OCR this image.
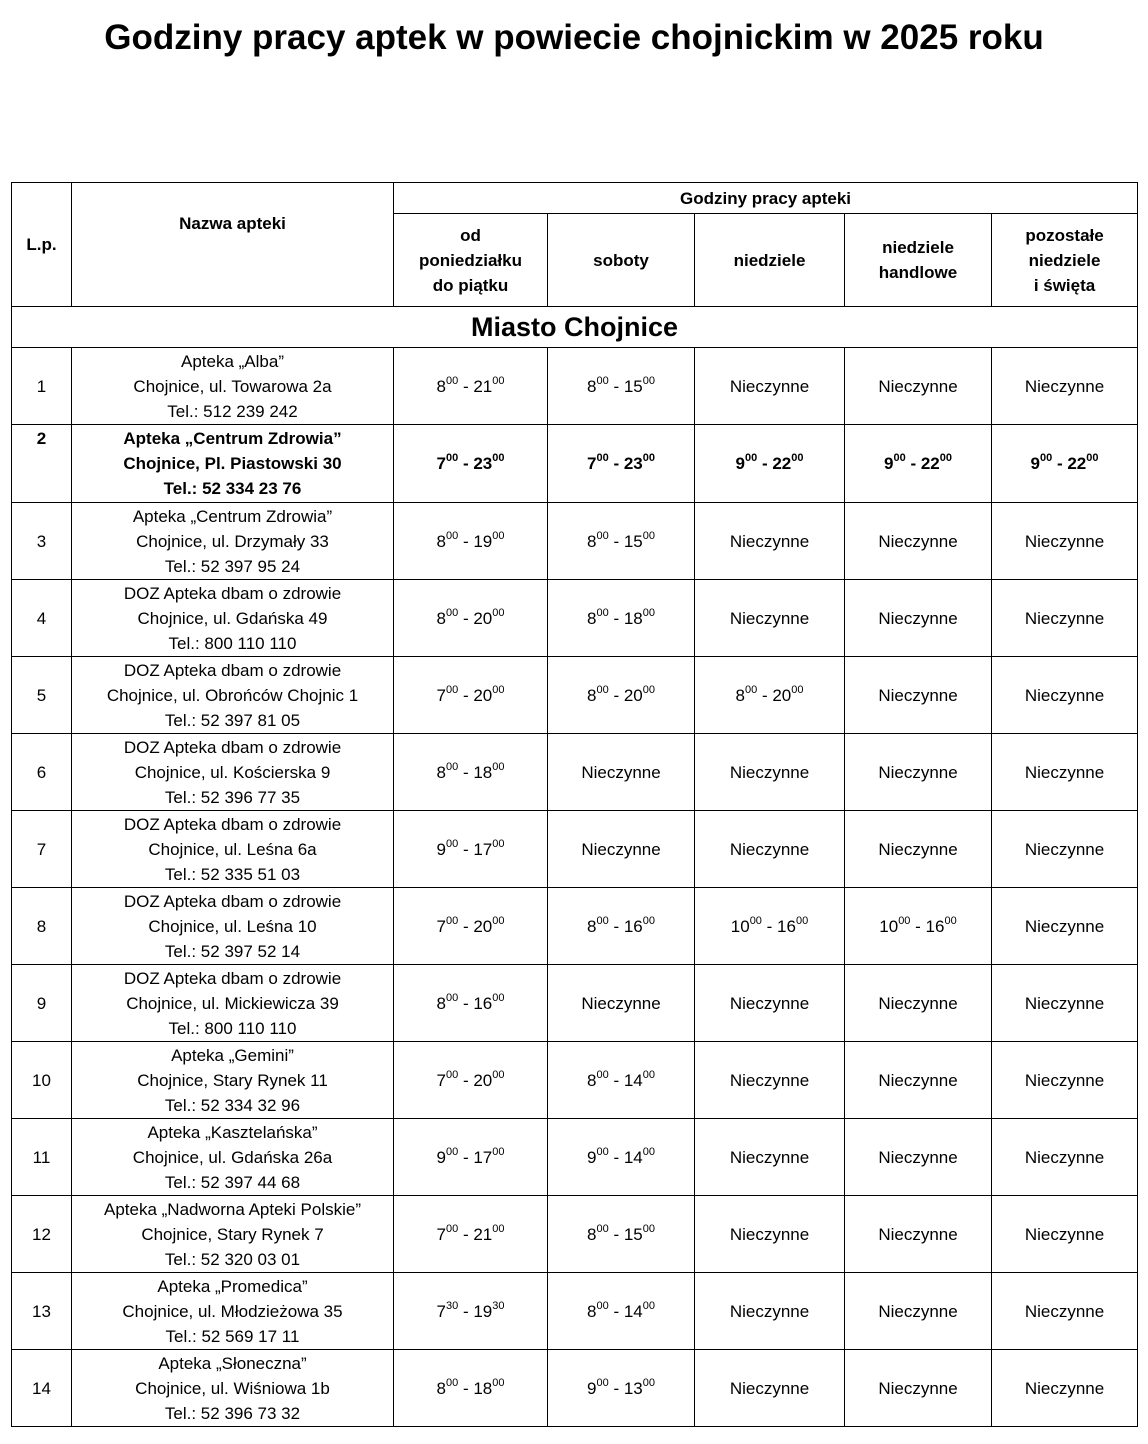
Godziny pracy aptek w powiecie chojnickim w 2025 roku
L.p.	Nazwa apteki	Godziny pracy apteki				

		od
poniedziałku
do piątku	soboty	niedziele	niedziele
handlowe	pozostałe
niedziele
i święta

Miasto Chojnice						
1	Apteka „Alba”
Chojnice, ul. Towarowa 2a
Tel.: 512 239 242	$8^{00} - 21^{00}$	$8^{00} - 15^{00}$	Nieczynne	Nieczynne	Nieczynne
2	Apteka „Centrum Zdrowia”
Chojnice, Pl. Piastowski 30
Tel.: 52 334 23 76	$7^{00} - 23^{00}$	$7^{00} - 23^{00}$	$9^{00} - 22^{00}$	$9^{00} - 22^{00}$	$9^{00} - 22^{00}$
3	Apteka „Centrum Zdrowia”
Chojnice, ul. Drzymały 33
Tel.: 52 397 95 24	$8^{00} - 19^{00}$	$8^{00} - 15^{00}$	Nieczynne	Nieczynne	Nieczynne
4	DOZ Apteka dbam o zdrowie
Chojnice, ul. Gdańska 49
Tel.: 800 110 110	$8^{00} - 20^{00}$	$8^{00} - 18^{00}$	Nieczynne	Nieczynne	Nieczynne
5	DOZ Apteka dbam o zdrowie
Chojnice, ul. Obrońców Chojnic 1
Tel.: 52 397 81 05	$7^{00} - 20^{00}$	$8^{00} - 20^{00}$	$8^{00} - 20^{00}$	Nieczynne	Nieczynne
6	DOZ Apteka dbam o zdrowie
Chojnice, ul. Kościerska 9
Tel.: 52 396 77 35	$8^{00} - 18^{00}$	Nieczynne	Nieczynne	Nieczynne	Nieczynne
7	DOZ Apteka dbam o zdrowie
Chojnice, ul. Leśna 6a
Tel.: 52 335 51 03	$9^{00} - 17^{00}$	Nieczynne	Nieczynne	Nieczynne	Nieczynne
8	DOZ Apteka dbam o zdrowie
Chojnice, ul. Leśna 10
Tel.: 52 397 52 14	$7^{00} - 20^{00}$	$8^{00} - 16^{00}$	$10^{00} - 16^{00}$	$10^{00} - 16^{00}$	Nieczynne
9	DOZ Apteka dbam o zdrowie
Chojnice, ul. Mickiewicza 39
Tel.: 800 110 110	$8^{00} - 16^{00}$	Nieczynne	Nieczynne	Nieczynne	Nieczynne
10	Apteka „Gemini”
Chojnice, Stary Rynek 11
Tel.: 52 334 32 96	$7^{00} - 20^{00}$	$8^{00} - 14^{00}$	Nieczynne	Nieczynne	Nieczynne
11	Apteka „Kasztelańska”
Chojnice, ul. Gdańska 26a
Tel.: 52 397 44 68	$9^{00} - 17^{00}$	$9^{00} - 14^{00}$	Nieczynne	Nieczynne	Nieczynne
12	Apteka „Nadworna Apteki Polskie”
Chojnice, Stary Rynek 7
Tel.: 52 320 03 01	$7^{00} - 21^{00}$	$8^{00} - 15^{00}$	Nieczynne	Nieczynne	Nieczynne
13	Apteka „Promedica”
Chojnice, ul. Młodzieżowa 35
Tel.: 52 569 17 11	$7^{30} - 19^{30}$	$8^{00} - 14^{00}$	Nieczynne	Nieczynne	Nieczynne
14	Apteka „Słoneczna”
Chojnice, ul. Wiśniowa 1b
Tel.: 52 396 73 32	$8^{00} - 18^{00}$	$9^{00} - 13^{00}$	Nieczynne	Nieczynne	Nieczynne
